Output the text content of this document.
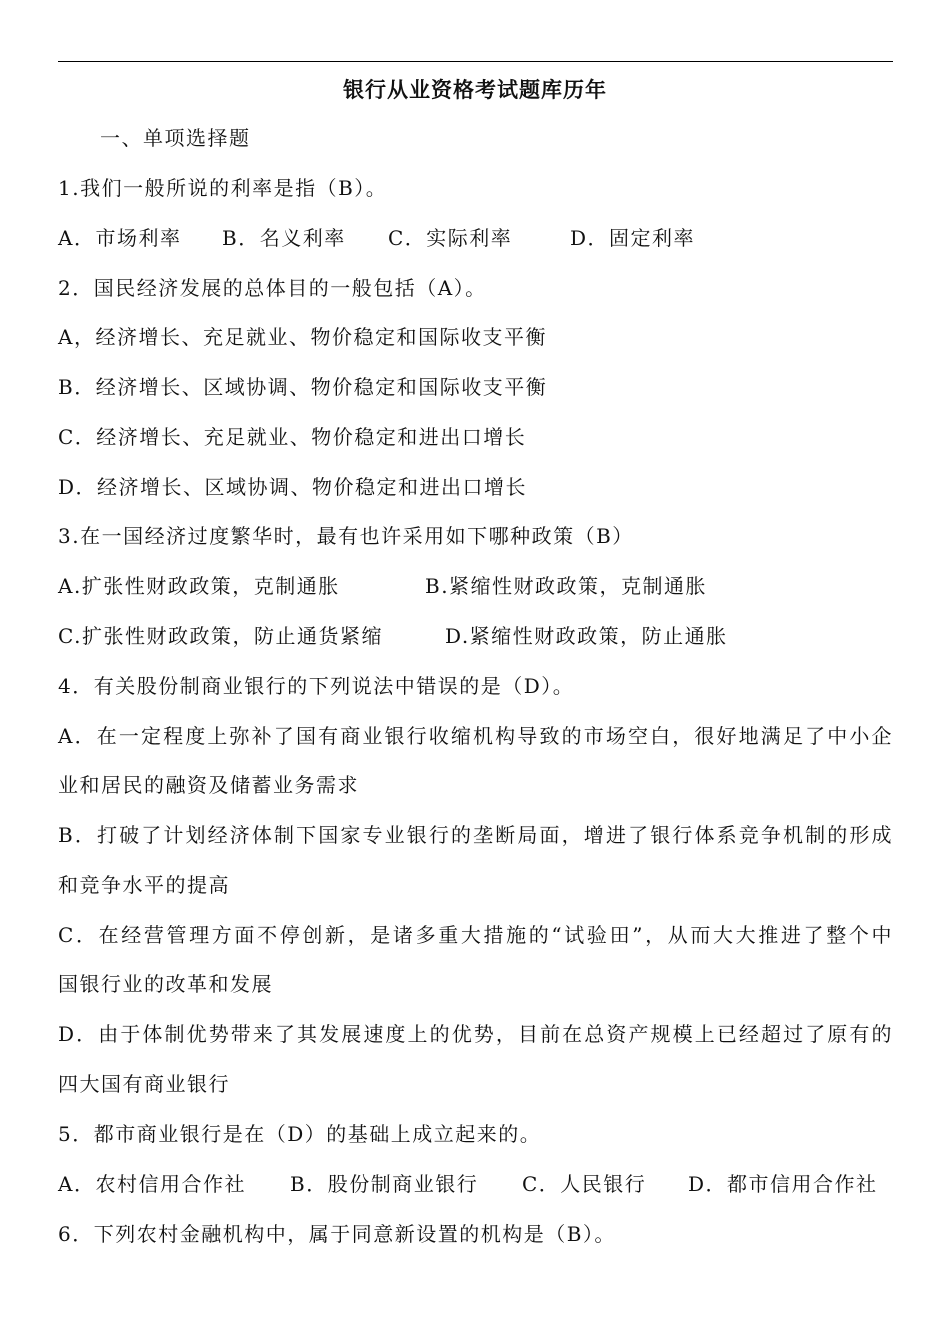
银行从业资格考试题库历年
一、单项选择题
1.我们一般所说的利率是指（B）。
A．市场利率 B．名义利率 C．实际利率	D．固定利率
2．国民经济发展的总体目的一般包括（A）。
A，经济增长、充足就业、物价稳定和国际收支平衡
B．经济增长、区域协调、物价稳定和国际收支平衡
C．经济增长、充足就业、物价稳定和进出口增长
D．经济增长、区域协调、物价稳定和进出口增长
3.在一国经济过度繁华时，最有也许采用如下哪种政策（B）
A.扩张性财政政策，克制通胀	B.紧缩性财政政策，克制通胀
C.扩张性财政政策，防止通货紧缩	D.紧缩性财政政策，防止通胀
4．有关股份制商业银行的下列说法中错误的是（D）。
A．在一定程度上弥补了国有商业银行收缩机构导致的市场空白，很好地满足了中小企
业和居民的融资及储蓄业务需求
B．打破了计划经济体制下国家专业银行的垄断局面，增进了银行体系竞争机制的形成
和竞争水平的提高
C．在经营管理方面不停创新，是诸多重大措施的“试验田”，从而大大推进了整个中
国银行业的改革和发展
D．由于体制优势带来了其发展速度上的优势，目前在总资产规模上已经超过了原有的
四大国有商业银行
5．都市商业银行是在（D）的基础上成立起来的。
A．农村信用合作社 B．股份制商业银行 C．人民银行 D．都市信用合作社
6．下列农村金融机构中，属于同意新设置的机构是（B）。
